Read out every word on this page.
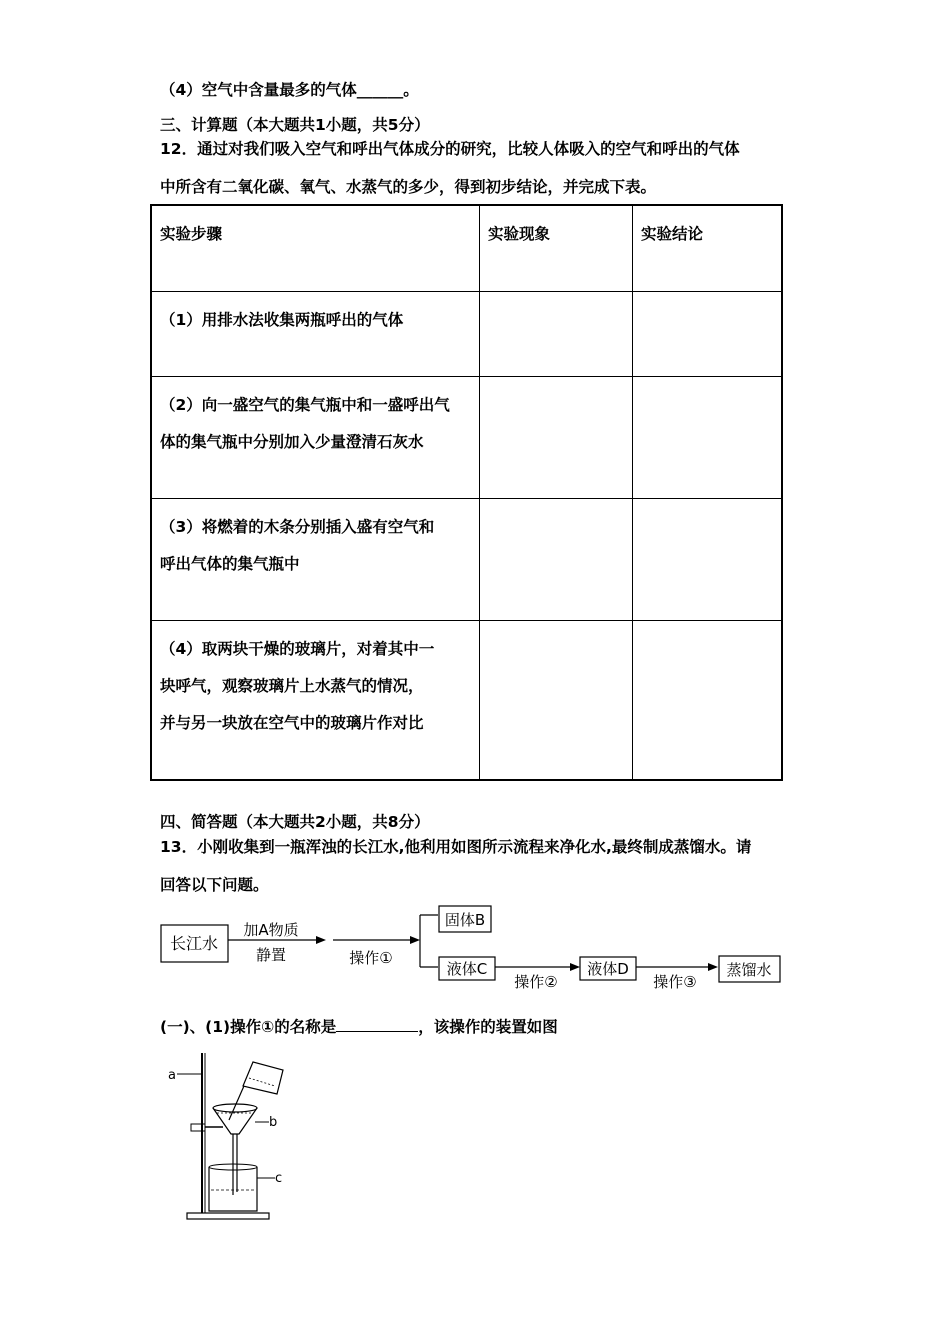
（4）空气中含量最多的气体______。
三、计算题（本大题共1小题，共5分）
12．通过对我们吸入空气和呼出气体成分的研究，比较人体吸入的空气和呼出的气体
中所含有二氧化碳、氧气、水蒸气的多少，得到初步结论，并完成下表。
实验步骤	实验现象	实验结论

（1）用排水法收集两瓶呼出的气体		

（2）向一盛空气的集气瓶中和一盛呼出气
体的集气瓶中分别加入少量澄清石灰水		

（3）将燃着的木条分别插入盛有空气和
呼出气体的集气瓶中		

（4）取两块干燥的玻璃片，对着其中一
块呼气，观察玻璃片上水蒸气的情况，
并与另一块放在空气中的玻璃片作对比		

四、简答题（本大题共2小题，共8分）
13．小刚收集到一瓶浑浊的长江水,他利用如图所示流程来净化水,最终制成蒸馏水。请
回答以下问题。
长江水
加A物质
静置	操作①
固体B
液体C
操作②
液体D
操作③
蒸馏水
(一)、(1)操作①的名称是	，该操作的装置如图
a
b
c
